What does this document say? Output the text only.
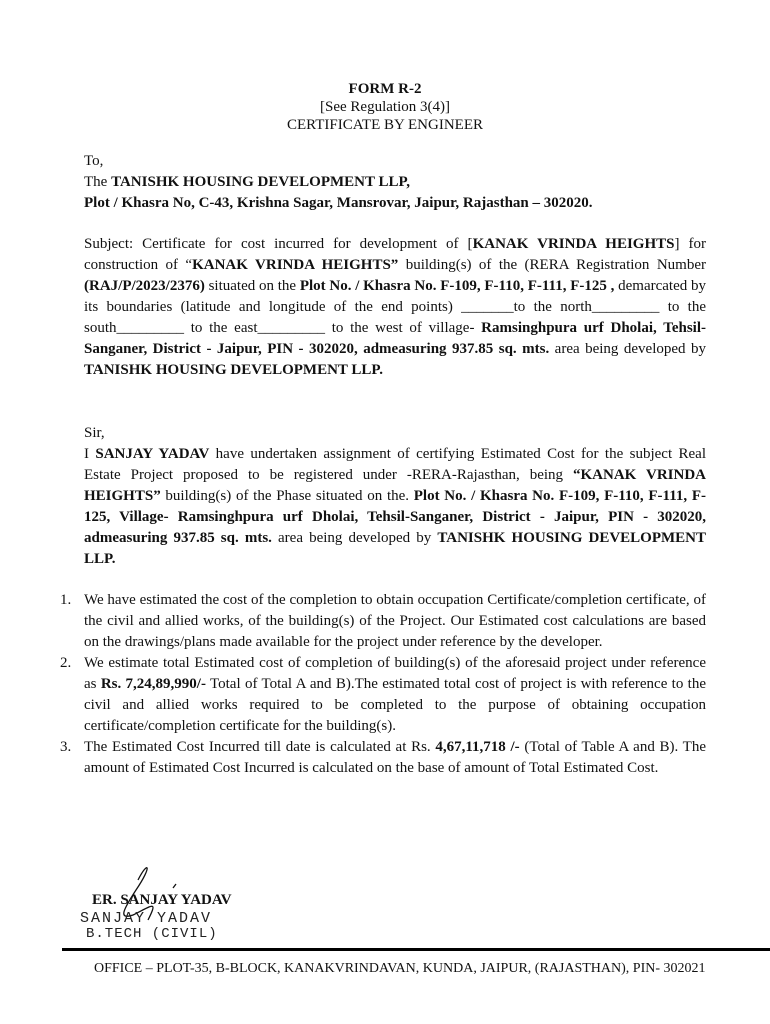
FORM R-2
[See Regulation 3(4)]
CERTIFICATE BY ENGINEER
To,
The TANISHK HOUSING DEVELOPMENT LLP,
Plot / Khasra No, C-43, Krishna Sagar, Mansrovar, Jaipur, Rajasthan – 302020.
Subject: Certificate for cost incurred for development of [KANAK VRINDA HEIGHTS] for construction of “KANAK VRINDA HEIGHTS” building(s) of the (RERA Registration Number (RAJ/P/2023/2376) situated on the Plot No. / Khasra No. F-109, F-110, F-111, F-125 , demarcated by its boundaries (latitude and longitude of the end points) _______to the north_________ to the south_________ to the east_________ to the west of village- Ramsinghpura urf Dholai, Tehsil- Sanganer, District - Jaipur, PIN - 302020, admeasuring 937.85 sq. mts. area being developed by TANISHK HOUSING DEVELOPMENT LLP.
Sir,
I SANJAY YADAV have undertaken assignment of certifying Estimated Cost for the subject Real Estate Project proposed to be registered under -RERA-Rajasthan, being “KANAK VRINDA HEIGHTS” building(s) of the Phase situated on the. Plot No. / Khasra No. F-109, F-110, F-111, F-125, Village- Ramsinghpura urf Dholai, Tehsil-Sanganer, District - Jaipur, PIN - 302020, admeasuring 937.85 sq. mts. area being developed by TANISHK HOUSING DEVELOPMENT LLP.
1. We have estimated the cost of the completion to obtain occupation Certificate/completion certificate, of the civil and allied works, of the building(s) of the Project. Our Estimated cost calculations are based on the drawings/plans made available for the project under reference by the developer.
2. We estimate total Estimated cost of completion of building(s) of the aforesaid project under reference as Rs. 7,24,89,990/- Total of Total A and B).The estimated total cost of project is with reference to the civil and allied works required to be completed to the purpose of obtaining occupation certificate/completion certificate for the building(s).
3. The Estimated Cost Incurred till date is calculated at Rs. 4,67,11,718 /- (Total of Table A and B). The amount of Estimated Cost Incurred is calculated on the base of amount of Total Estimated Cost.
ER. SANJAY YADAV
SANJAY YADAV
B.TECH (CIVIL)
OFFICE – PLOT-35, B-BLOCK, KANAKVRINDAVAN, KUNDA, JAIPUR, (RAJASTHAN), PIN- 302021
